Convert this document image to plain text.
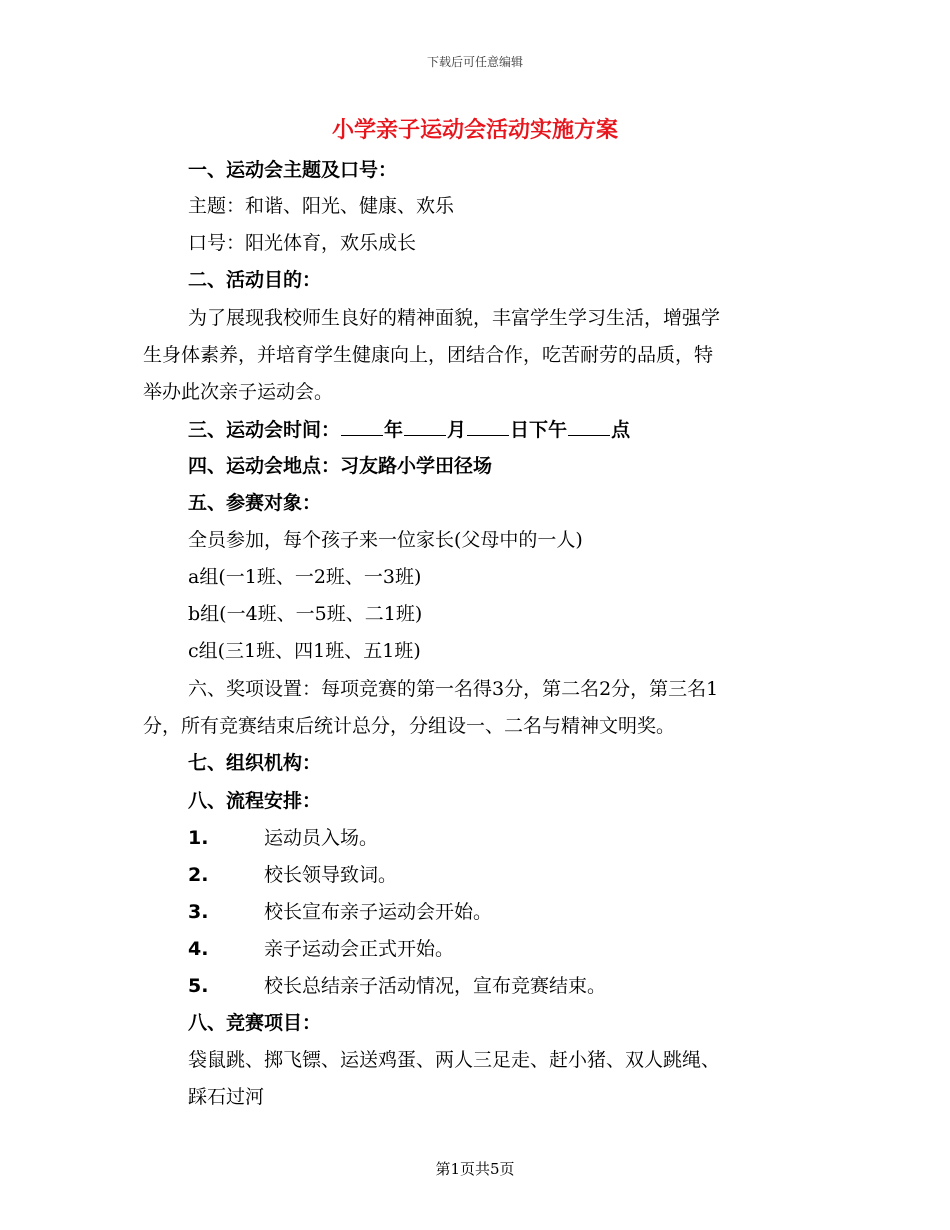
下载后可任意编辑
小学亲子运动会活动实施方案
一、运动会主题及口号：
主题：和谐、阳光、健康、欢乐
口号：阳光体育，欢乐成长
二、活动目的：
为了展现我校师生良好的精神面貌，丰富学生学习生活，增强学
生身体素养，并培育学生健康向上，团结合作，吃苦耐劳的品质，特
举办此次亲子运动会。
三、运动会时间： 年 月 日下午 点
四、运动会地点：习友路小学田径场
五、参赛对象：
全员参加，每个孩子来一位家长(父母中的一人)
a组(一1班、一2班、一3班)
b组(一4班、一5班、二1班)
c组(三1班、四1班、五1班)
六、奖项设置：每项竞赛的第一名得3分，第二名2分，第三名1
分，所有竞赛结束后统计总分，分组设一、二名与精神文明奖。
七、组织机构：
八、流程安排：
1.	运动员入场。
2.	校长领导致词。
3.	校长宣布亲子运动会开始。
4.	亲子运动会正式开始。
5.	校长总结亲子活动情况，宣布竞赛结束。
八、竞赛项目：
袋鼠跳、掷飞镖、运送鸡蛋、两人三足走、赶小猪、双人跳绳、
踩石过河
第1页共5页
